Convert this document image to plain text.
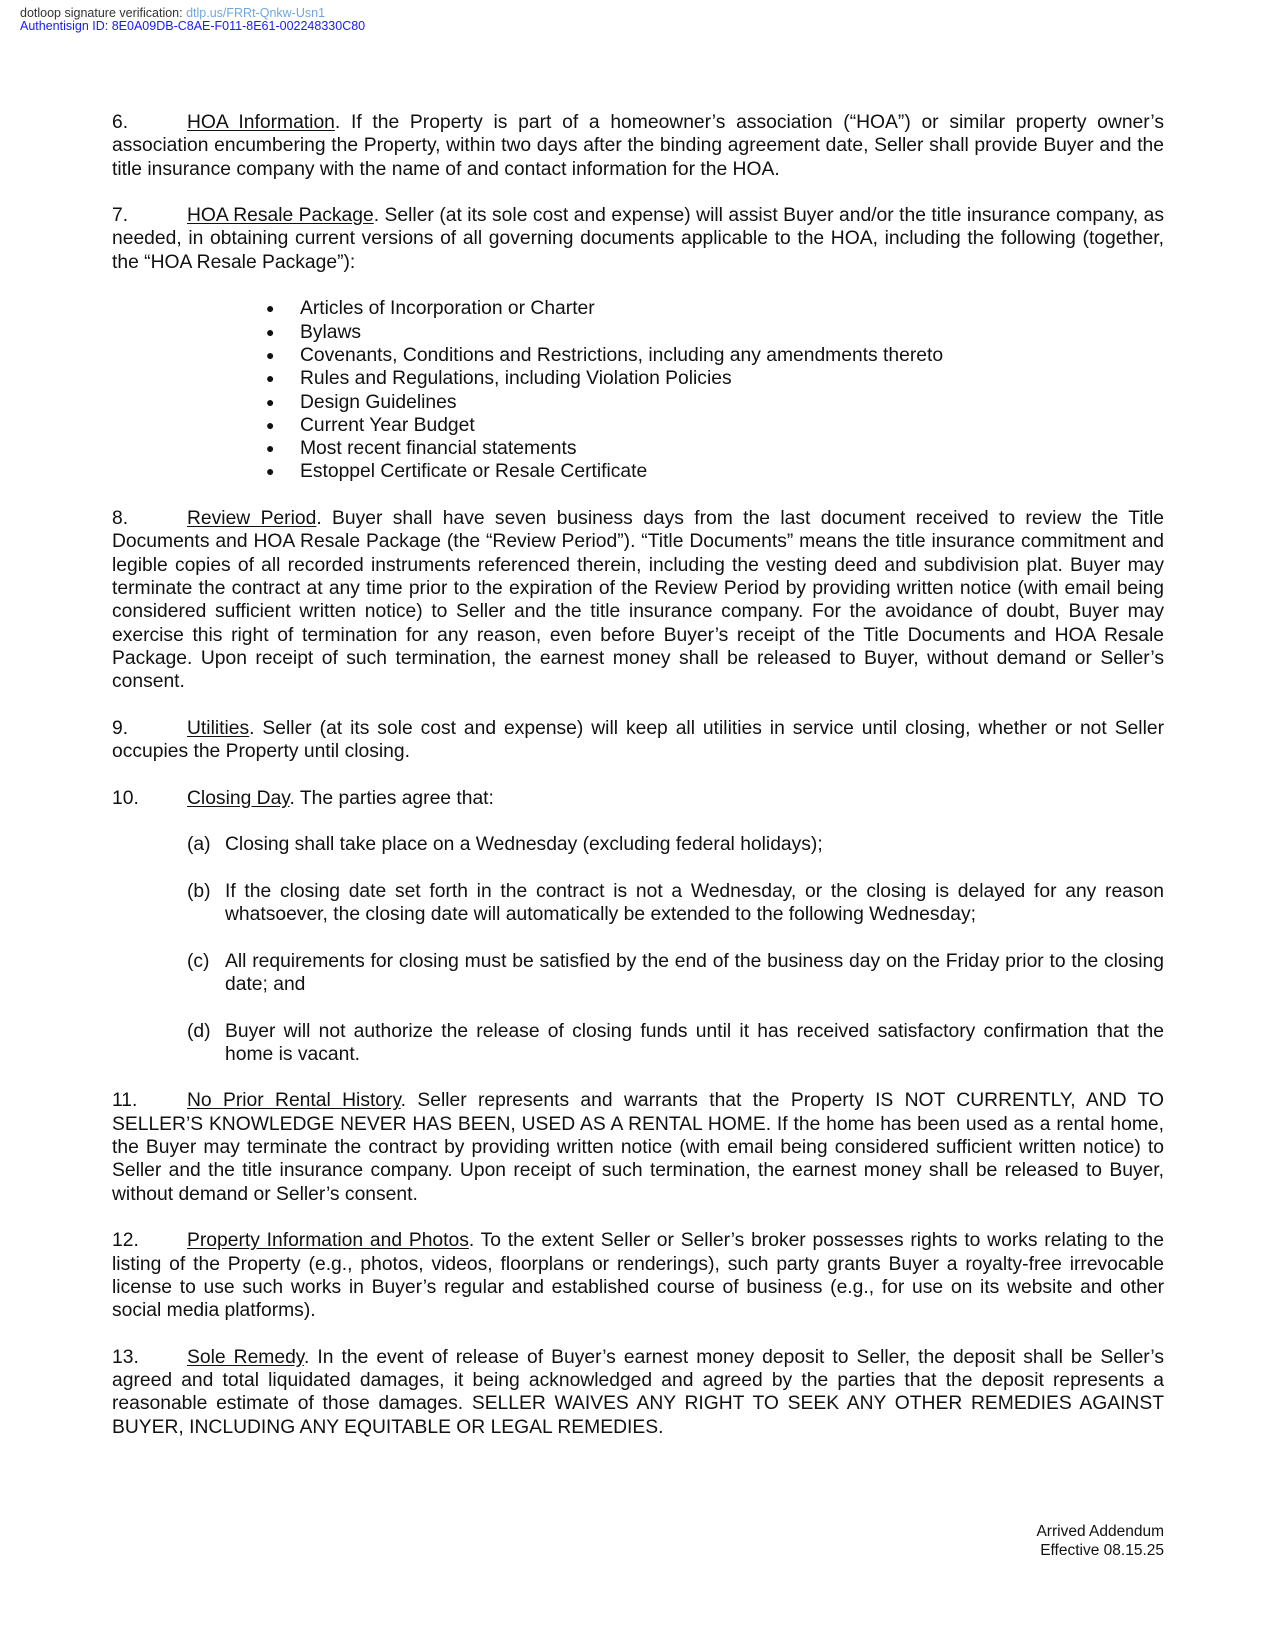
dotloop signature verification: dtlp.us/FRRt-Qnkw-Usn1
Authentisign ID: 8E0A09DB-C8AE-F011-8E61-002248330C80

6.	HOA Information. If the Property is part of a homeowner’s association (“HOA”) or similar property owner’s association encumbering the Property, within two days after the binding agreement date, Seller shall provide Buyer and the title insurance company with the name of and contact information for the HOA.

7.	HOA Resale Package. Seller (at its sole cost and expense) will assist Buyer and/or the title insurance company, as needed, in obtaining current versions of all governing documents applicable to the HOA, including the following (together, the “HOA Resale Package”):

● Articles of Incorporation or Charter
● Bylaws
● Covenants, Conditions and Restrictions, including any amendments thereto
● Rules and Regulations, including Violation Policies
● Design Guidelines
● Current Year Budget
● Most recent financial statements
● Estoppel Certificate or Resale Certificate

8.	Review Period. Buyer shall have seven business days from the last document received to review the Title Documents and HOA Resale Package (the “Review Period”). “Title Documents” means the title insurance commitment and legible copies of all recorded instruments referenced therein, including the vesting deed and subdivision plat. Buyer may terminate the contract at any time prior to the expiration of the Review Period by providing written notice (with email being considered sufficient written notice) to Seller and the title insurance company. For the avoidance of doubt, Buyer may exercise this right of termination for any reason, even before Buyer’s receipt of the Title Documents and HOA Resale Package. Upon receipt of such termination, the earnest money shall be released to Buyer, without demand or Seller’s consent.

9.	Utilities. Seller (at its sole cost and expense) will keep all utilities in service until closing, whether or not Seller occupies the Property until closing.

10. Closing Day. The parties agree that:

(a) Closing shall take place on a Wednesday (excluding federal holidays);
(b) If the closing date set forth in the contract is not a Wednesday, or the closing is delayed for any reason whatsoever, the closing date will automatically be extended to the following Wednesday;
(c) All requirements for closing must be satisfied by the end of the business day on the Friday prior to the closing date; and
(d) Buyer will not authorize the release of closing funds until it has received satisfactory confirmation that the home is vacant.

11.	No Prior Rental History. Seller represents and warrants that the Property IS NOT CURRENTLY, AND TO SELLER’S KNOWLEDGE NEVER HAS BEEN, USED AS A RENTAL HOME. If the home has been used as a rental home, the Buyer may terminate the contract by providing written notice (with email being considered sufficient written notice) to Seller and the title insurance company. Upon receipt of such termination, the earnest money shall be released to Buyer, without demand or Seller’s consent.

12. Property Information and Photos. To the extent Seller or Seller’s broker possesses rights to works relating to the listing of the Property (e.g., photos, videos, floorplans or renderings), such party grants Buyer a royalty-free irrevocable license to use such works in Buyer’s regular and established course of business (e.g., for use on its website and other social media platforms).

13. Sole Remedy. In the event of release of Buyer’s earnest money deposit to Seller, the deposit shall be Seller’s agreed and total liquidated damages, it being acknowledged and agreed by the parties that the deposit represents a reasonable estimate of those damages. SELLER WAIVES ANY RIGHT TO SEEK ANY OTHER REMEDIES AGAINST BUYER, INCLUDING ANY EQUITABLE OR LEGAL REMEDIES.

Arrived Addendum
Effective 08.15.25
